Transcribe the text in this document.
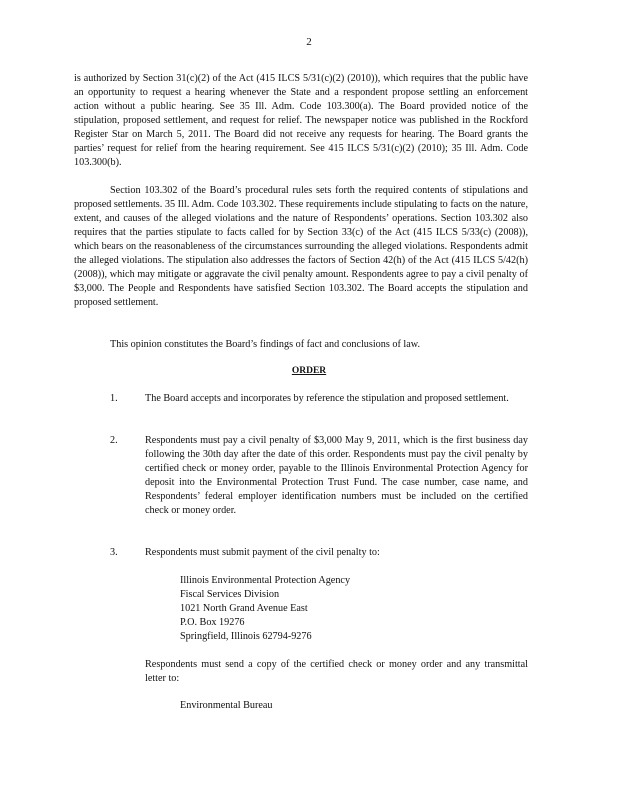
2

is authorized by Section 31(c)(2) of the Act (415 ILCS 5/31(c)(2) (2010)), which requires that the public have an opportunity to request a hearing whenever the State and a respondent propose settling an enforcement action without a public hearing. See 35 Ill. Adm. Code 103.300(a). The Board provided notice of the stipulation, proposed settlement, and request for relief. The newspaper notice was published in the Rockford Register Star on March 5, 2011. The Board did not receive any requests for hearing. The Board grants the parties’ request for relief from the hearing requirement. See 415 ILCS 5/31(c)(2) (2010); 35 Ill. Adm. Code 103.300(b).

Section 103.302 of the Board’s procedural rules sets forth the required contents of stipulations and proposed settlements. 35 Ill. Adm. Code 103.302. These requirements include stipulating to facts on the nature, extent, and causes of the alleged violations and the nature of Respondents’ operations. Section 103.302 also requires that the parties stipulate to facts called for by Section 33(c) of the Act (415 ILCS 5/33(c) (2008)), which bears on the reasonableness of the circumstances surrounding the alleged violations. Respondents admit the alleged violations. The stipulation also addresses the factors of Section 42(h) of the Act (415 ILCS 5/42(h) (2008)), which may mitigate or aggravate the civil penalty amount. Respondents agree to pay a civil penalty of $3,000. The People and Respondents have satisfied Section 103.302. The Board accepts the stipulation and proposed settlement.

This opinion constitutes the Board’s findings of fact and conclusions of law.

ORDER
1.	The Board accepts and incorporates by reference the stipulation and proposed settlement.

2.	Respondents must pay a civil penalty of $3,000 May 9, 2011, which is the first business day following the 30th day after the date of this order. Respondents must pay the civil penalty by certified check or money order, payable to the Illinois Environmental Protection Agency for deposit into the Environmental Protection Trust Fund. The case number, case name, and Respondents’ federal employer identification numbers must be included on the certified check or money order.

3.	Respondents must submit payment of the civil penalty to:

Illinois Environmental Protection Agency
Fiscal Services Division
1021 North Grand Avenue East
P.O. Box 19276
Springfield, Illinois 62794-9276

Respondents must send a copy of the certified check or money order and any transmittal letter to:

Environmental Bureau
